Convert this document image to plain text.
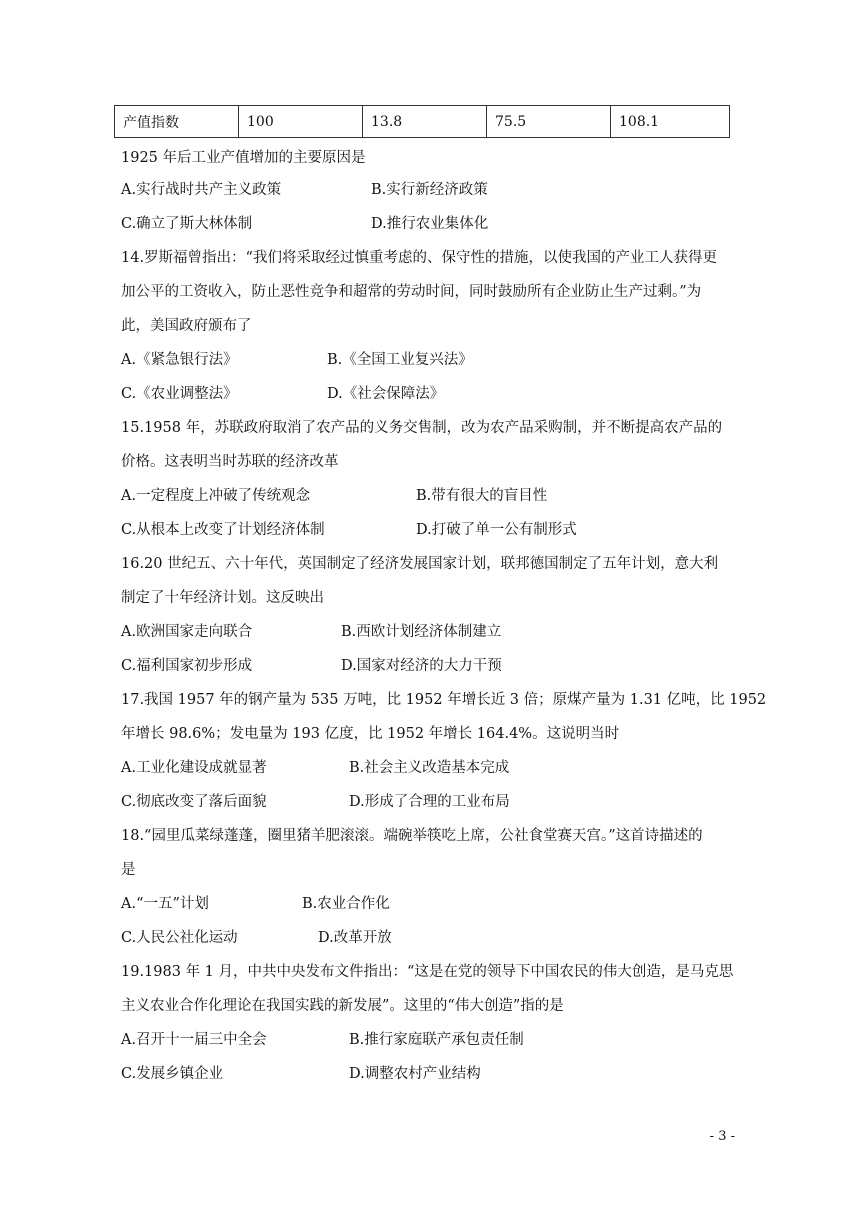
产值指数	100	13.8	75.5	108.1
1925 年后工业产值增加的主要原因是
A.实行战时共产主义政策	B.实行新经济政策
C.确立了斯大林体制	D.推行农业集体化
14.罗斯福曾指出：“我们将采取经过慎重考虑的、保守性的措施，以使我国的产业工人获得更
加公平的工资收入，防止恶性竞争和超常的劳动时间，同时鼓励所有企业防止生产过剩。”为
此，美国政府颁布了
A.《紧急银行法》	B.《全国工业复兴法》
C.《农业调整法》	D.《社会保障法》
15.1958 年，苏联政府取消了农产品的义务交售制，改为农产品采购制，并不断提高农产品的
价格。这表明当时苏联的经济改革
A.一定程度上冲破了传统观念	B.带有很大的盲目性
C.从根本上改变了计划经济体制	D.打破了单一公有制形式
16.20 世纪五、六十年代，英国制定了经济发展国家计划，联邦德国制定了五年计划，意大利
制定了十年经济计划。这反映出
A.欧洲国家走向联合	B.西欧计划经济体制建立
C.福利国家初步形成	D.国家对经济的大力干预
17.我国 1957 年的钢产量为 535 万吨，比 1952 年增长近 3 倍；原煤产量为 1.31 亿吨，比 1952
年增长 98.6%；发电量为 193 亿度，比 1952 年增长 164.4%。这说明当时
A.工业化建设成就显著	B.社会主义改造基本完成
C.彻底改变了落后面貌	D.形成了合理的工业布局
18.“园里瓜菜绿蓬蓬，圈里猪羊肥滚滚。端碗举筷吃上席，公社食堂赛天宫。”这首诗描述的
是
A.“一五”计划	B.农业合作化
C.人民公社化运动	D.改革开放
19.1983 年 1 月，中共中央发布文件指出：“这是在党的领导下中国农民的伟大创造，是马克思
主义农业合作化理论在我国实践的新发展”。这里的“伟大创造”指的是
A.召开十一届三中全会	B.推行家庭联产承包责任制
C.发展乡镇企业	D.调整农村产业结构
- 3 -
